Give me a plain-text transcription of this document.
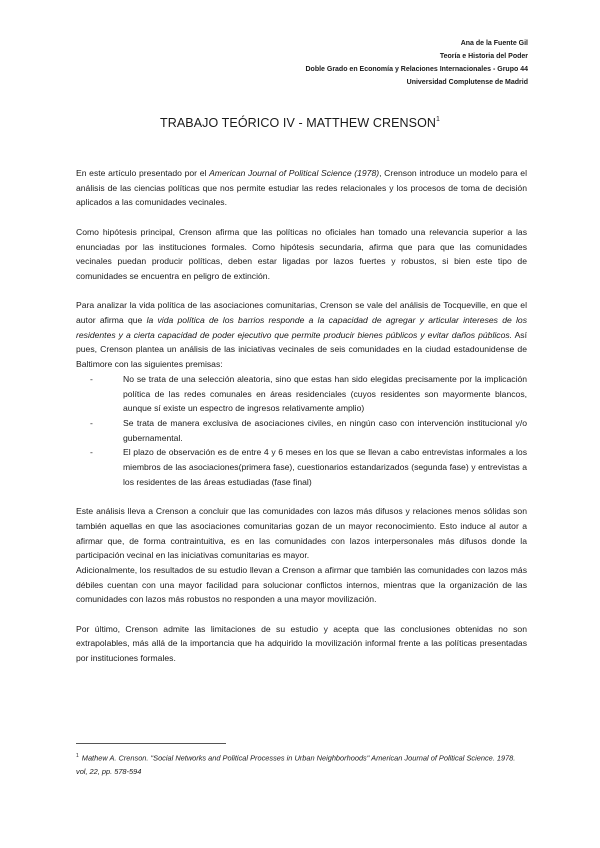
Ana de la Fuente Gil
Teoría e Historia del Poder
Doble Grado en Economía y Relaciones Internacionales - Grupo 44
Universidad Complutense de Madrid
TRABAJO TEÓRICO IV - MATTHEW CRENSON$^1$

En este artículo presentado por el American Journal of Political Science (1978), Crenson introduce un modelo para el análisis de las ciencias políticas que nos permite estudiar las redes relacionales y los procesos de toma de decisión aplicados a las comunidades vecinales.

Como hipótesis principal, Crenson afirma que las políticas no oficiales han tomado una relevancia superior a las enunciadas por las instituciones formales. Como hipótesis secundaria, afirma que para que las comunidades vecinales puedan producir políticas, deben estar ligadas por lazos fuertes y robustos, si bien este tipo de comunidades se encuentra en peligro de extinción.

Para analizar la vida política de las asociaciones comunitarias, Crenson se vale del análisis de Tocqueville, en que el autor afirma que la vida política de los barrios responde a la capacidad de agregar y articular intereses de los residentes y a cierta capacidad de poder ejecutivo que permite producir bienes públicos y evitar daños públicos. Así pues, Crenson plantea un análisis de las iniciativas vecinales de seis comunidades en la ciudad estadounidense de Baltimore con las siguientes premisas:

-	No se trata de una selección aleatoria, sino que estas han sido elegidas precisamente por la implicación política de las redes comunales en áreas residenciales (cuyos residentes son mayormente blancos, aunque sí existe un espectro de ingresos relativamente amplio)
-	Se trata de manera exclusiva de asociaciones civiles, en ningún caso con intervención institucional y/o gubernamental.
-	El plazo de observación es de entre 4 y 6 meses en los que se llevan a cabo entrevistas informales a los miembros de las asociaciones(primera fase), cuestionarios estandarizados (segunda fase) y entrevistas a los residentes de las áreas estudiadas (fase final)

Este análisis lleva a Crenson a concluir que las comunidades con lazos más difusos y relaciones menos sólidas son también aquellas en que las asociaciones comunitarias gozan de un mayor reconocimiento. Esto induce al autor a afirmar que, de forma contraintuitiva, es en las comunidades con lazos interpersonales más difusos donde la participación vecinal en las iniciativas comunitarias es mayor.

Adicionalmente, los resultados de su estudio llevan a Crenson a afirmar que también las comunidades con lazos más débiles cuentan con una mayor facilidad para solucionar conflictos internos, mientras que la organización de las comunidades con lazos más robustos no responden a una mayor movilización.

Por último, Crenson admite las limitaciones de su estudio y acepta que las conclusiones obtenidas no son extrapolables, más allá de la importancia que ha adquirido la movilización informal frente a las políticas presentadas por instituciones formales.

$^1$ Mathew A. Crenson. "Social Networks and Political Processes in Urban Neighborhoods" American Journal of Political Science. 1978. vol, 22, pp. 578-594
